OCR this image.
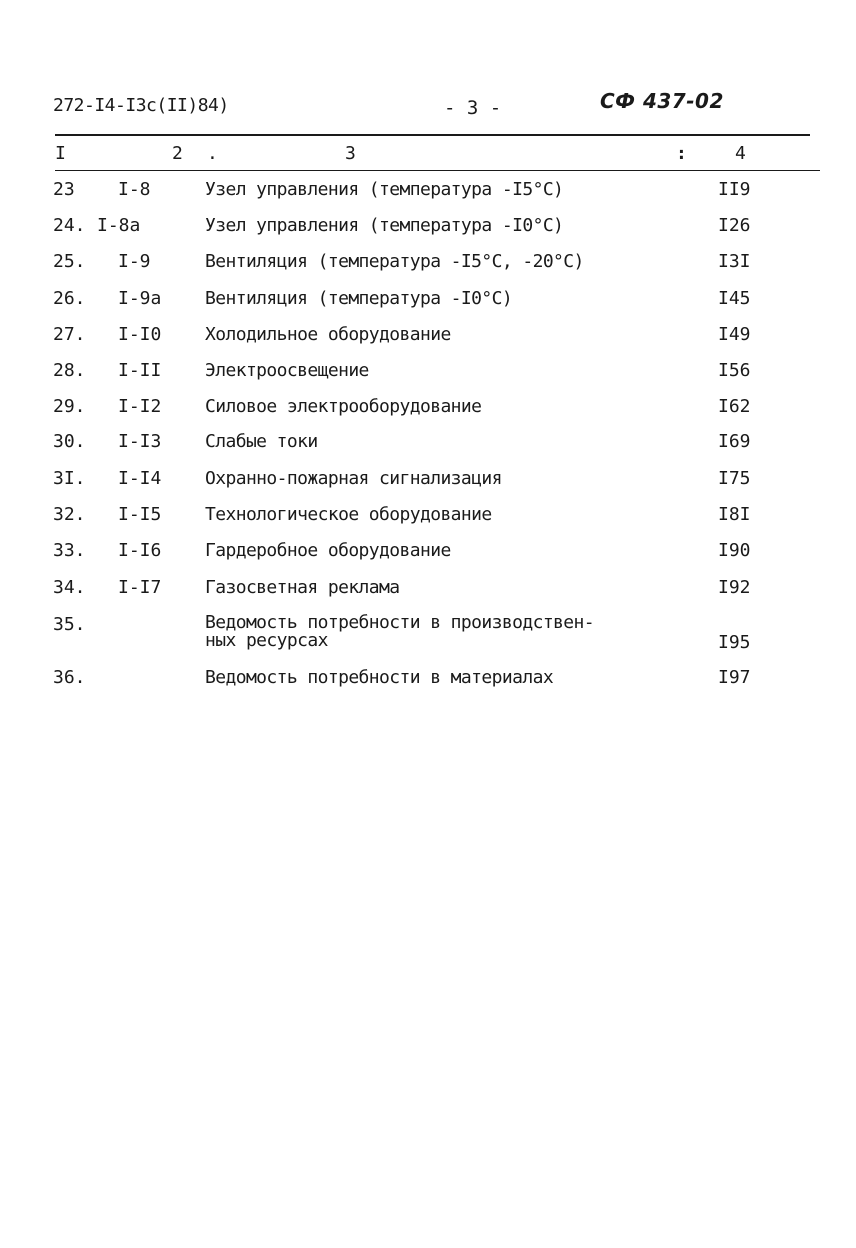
272-I4-I3c(II)84)	- 3 -	СФ 437-02
I	2 .	3	:	4
23 I-8	Узел управления (температура -I5°C)	II9
24. I-8a	Узел управления (температура -I0°C)	I26
25. I-9	Вентиляция (температура -I5°C, -20°C)	I3I
26. I-9a Вентиляция (температура -I0°C)	I45
27. I-I0 Холодильное оборудование	I49
28. I-II Электроосвещение	I56
29. I-I2 Силовое электрооборудование	I62
30. I-I3 Слабые токи	I69
3I. I-I4 Охранно-пожарная сигнализация	I75
32. I-I5 Технологическое оборудование	I8I
33. I-I6 Гардеробное оборудование	I90
34. I-I7 Газосветная реклама	I92
35.	Ведомость потребности в производствен-
ных ресурсах	I95
36.	Ведомость потребности в материалах	I97
